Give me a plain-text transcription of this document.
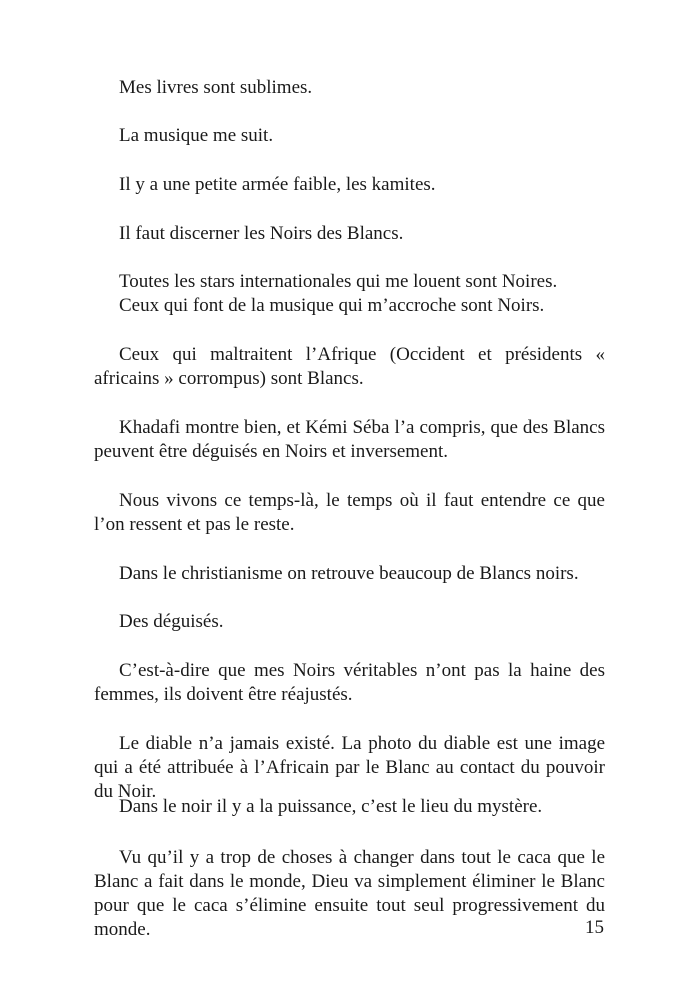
Mes livres sont sublimes.

La musique me suit.

Il y a une petite armée faible, les kamites.

Il faut discerner les Noirs des Blancs.

Toutes les stars internationales qui me louent sont Noires.

Ceux qui font de la musique qui m’accroche sont Noirs.

Ceux qui maltraitent l’Afrique (Occident et présidents « africains » corrompus) sont Blancs.

Khadafi montre bien, et Kémi Séba l’a compris, que des Blancs peuvent être déguisés en Noirs et inversement.

Nous vivons ce temps-là, le temps où il faut entendre ce que l’on ressent et pas le reste.

Dans le christianisme on retrouve beaucoup de Blancs noirs.

Des déguisés.

C’est-à-dire que mes Noirs véritables n’ont pas la haine des femmes, ils doivent être réajustés.

Le diable n’a jamais existé. La photo du diable est une image qui a été attribuée à l’Africain par le Blanc au contact du pouvoir du Noir.

Dans le noir il y a la puissance, c’est le lieu du mystère.

Vu qu’il y a trop de choses à changer dans tout le caca que le Blanc a fait dans le monde, Dieu va simplement éliminer le Blanc pour que le caca s’élimine ensuite tout seul progressivement du monde.	15
